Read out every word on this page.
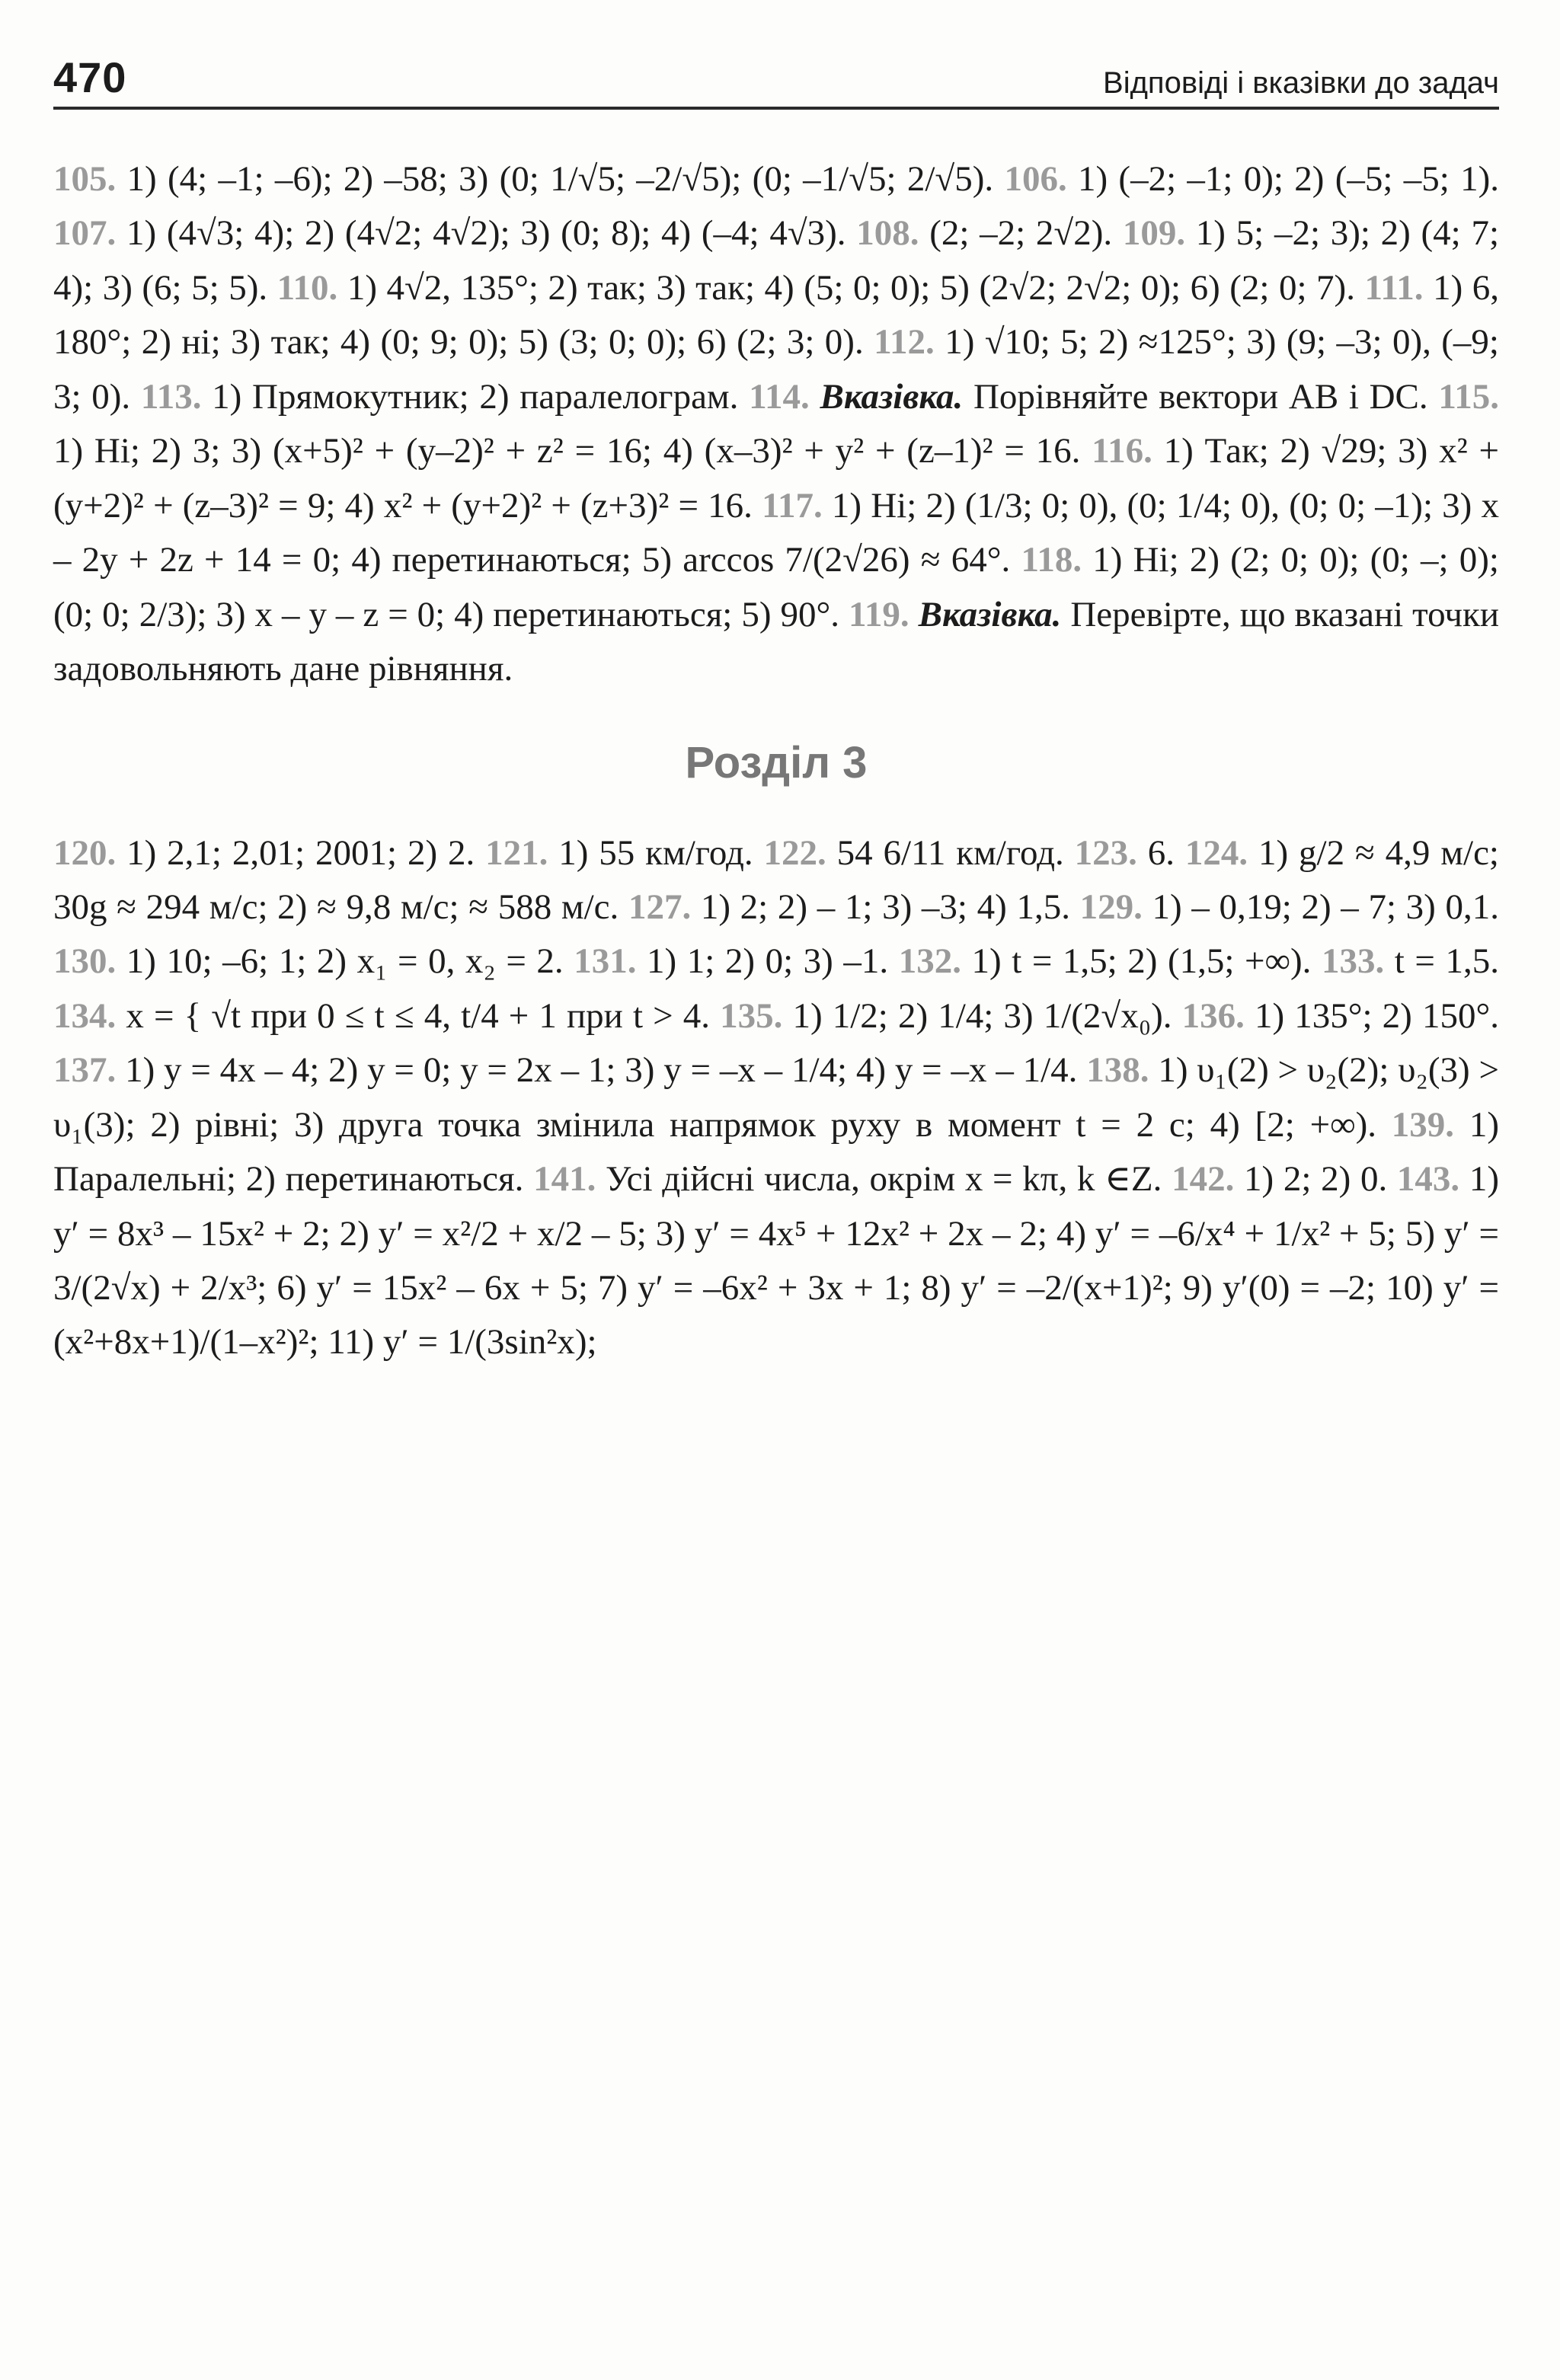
470	Відповіді і вказівки до задач

105. 1) (4; –1; –6); 2) –58; 3) (0; 1/√5; –2/√5); (0; –1/√5; 2/√5). 106. 1) (–2; –1; 0); 2) (–5; –5; 1). 107. 1) (4√3; 4); 2) (4√2; 4√2); 3) (0; 8); 4) (–4; 4√3). 108. (2; –2; 2√2). 109. 1) 5; –2; 3); 2) (4; 7; 4); 3) (6; 5; 5). 110. 1) 4√2, 135°; 2) так; 3) так; 4) (5; 0; 0); 5) (2√2; 2√2; 0); 6) (2; 0; 7). 111. 1) 6, 180°; 2) ні; 3) так; 4) (0; 9; 0); 5) (3; 0; 0); 6) (2; 3; 0). 112. 1) √10; 5; 2) ≈125°; 3) (9; –3; 0), (–9; 3; 0). 113. 1) Прямокутник; 2) паралелограм. 114. Вказівка. Порівняйте вектори AB і DC. 115. 1) Ні; 2) 3; 3) (x+5)² + (y–2)² + z² = 16; 4) (x–3)² + y² + (z–1)² = 16. 116. 1) Так; 2) √29; 3) x² + (y+2)² + (z–3)² = 9; 4) x² + (y+2)² + (z+3)² = 16. 117. 1) Ні; 2) (1/3; 0; 0), (0; 1/4; 0), (0; 0; –1); 3) x – 2y + 2z + 14 = 0; 4) перетинаються; 5) arccos 7/(2√26) ≈ 64°. 118. 1) Ні; 2) (2; 0; 0); (0; –; 0); (0; 0; 2/3); 3) x – y – z = 0; 4) перетинаються; 5) 90°. 119. Вказівка. Перевірте, що вказані точки задовольняють дане рівняння.

Розділ 3

120. 1) 2,1; 2,01; 2001; 2) 2. 121. 1) 55 км/год. 122. 54 6/11 км/год. 123. 6. 124. 1) g/2 ≈ 4,9 м/с; 30g ≈ 294 м/с; 2) ≈ 9,8 м/с; ≈ 588 м/с. 127. 1) 2; 2) – 1; 3) –3; 4) 1,5. 129. 1) – 0,19; 2) – 7; 3) 0,1. 130. 1) 10; –6; 1; 2) x₁ = 0, x₂ = 2. 131. 1) 1; 2) 0; 3) –1. 132. 1) t = 1,5; 2) (1,5; +∞). 133. t = 1,5. 134. x = { √t при 0 ≤ t ≤ 4, t/4 + 1 при t > 4. 135. 1) 1/2; 2) 1/4; 3) 1/(2√x₀). 136. 1) 135°; 2) 150°. 137. 1) y = 4x – 4; 2) y = 0; y = 2x – 1; 3) y = –x – 1/4; 4) y = –x – 1/4. 138. 1) υ₁(2) > υ₂(2); υ₂(3) > υ₁(3); 2) рівні; 3) друга точка змінила напрямок руху в момент t = 2 с; 4) [2; +∞). 139. 1) Паралельні; 2) перетинаються. 141. Усі дійсні числа, окрім x = kπ, k ∈Z. 142. 1) 2; 2) 0. 143. 1) y′ = 8x³ – 15x² + 2; 2) y′ = x²/2 + x/2 – 5; 3) y′ = 4x⁵ + 12x² + 2x – 2; 4) y′ = –6/x⁴ + 1/x² + 5; 5) y′ = 3/(2√x) + 2/x³; 6) y′ = 15x² – 6x + 5; 7) y′ = –6x² + 3x + 1; 8) y′ = –2/(x+1)²; 9) y′(0) = –2; 10) y′ = (x²+8x+1)/(1–x²)²; 11) y′ = 1/(3sin²x);
